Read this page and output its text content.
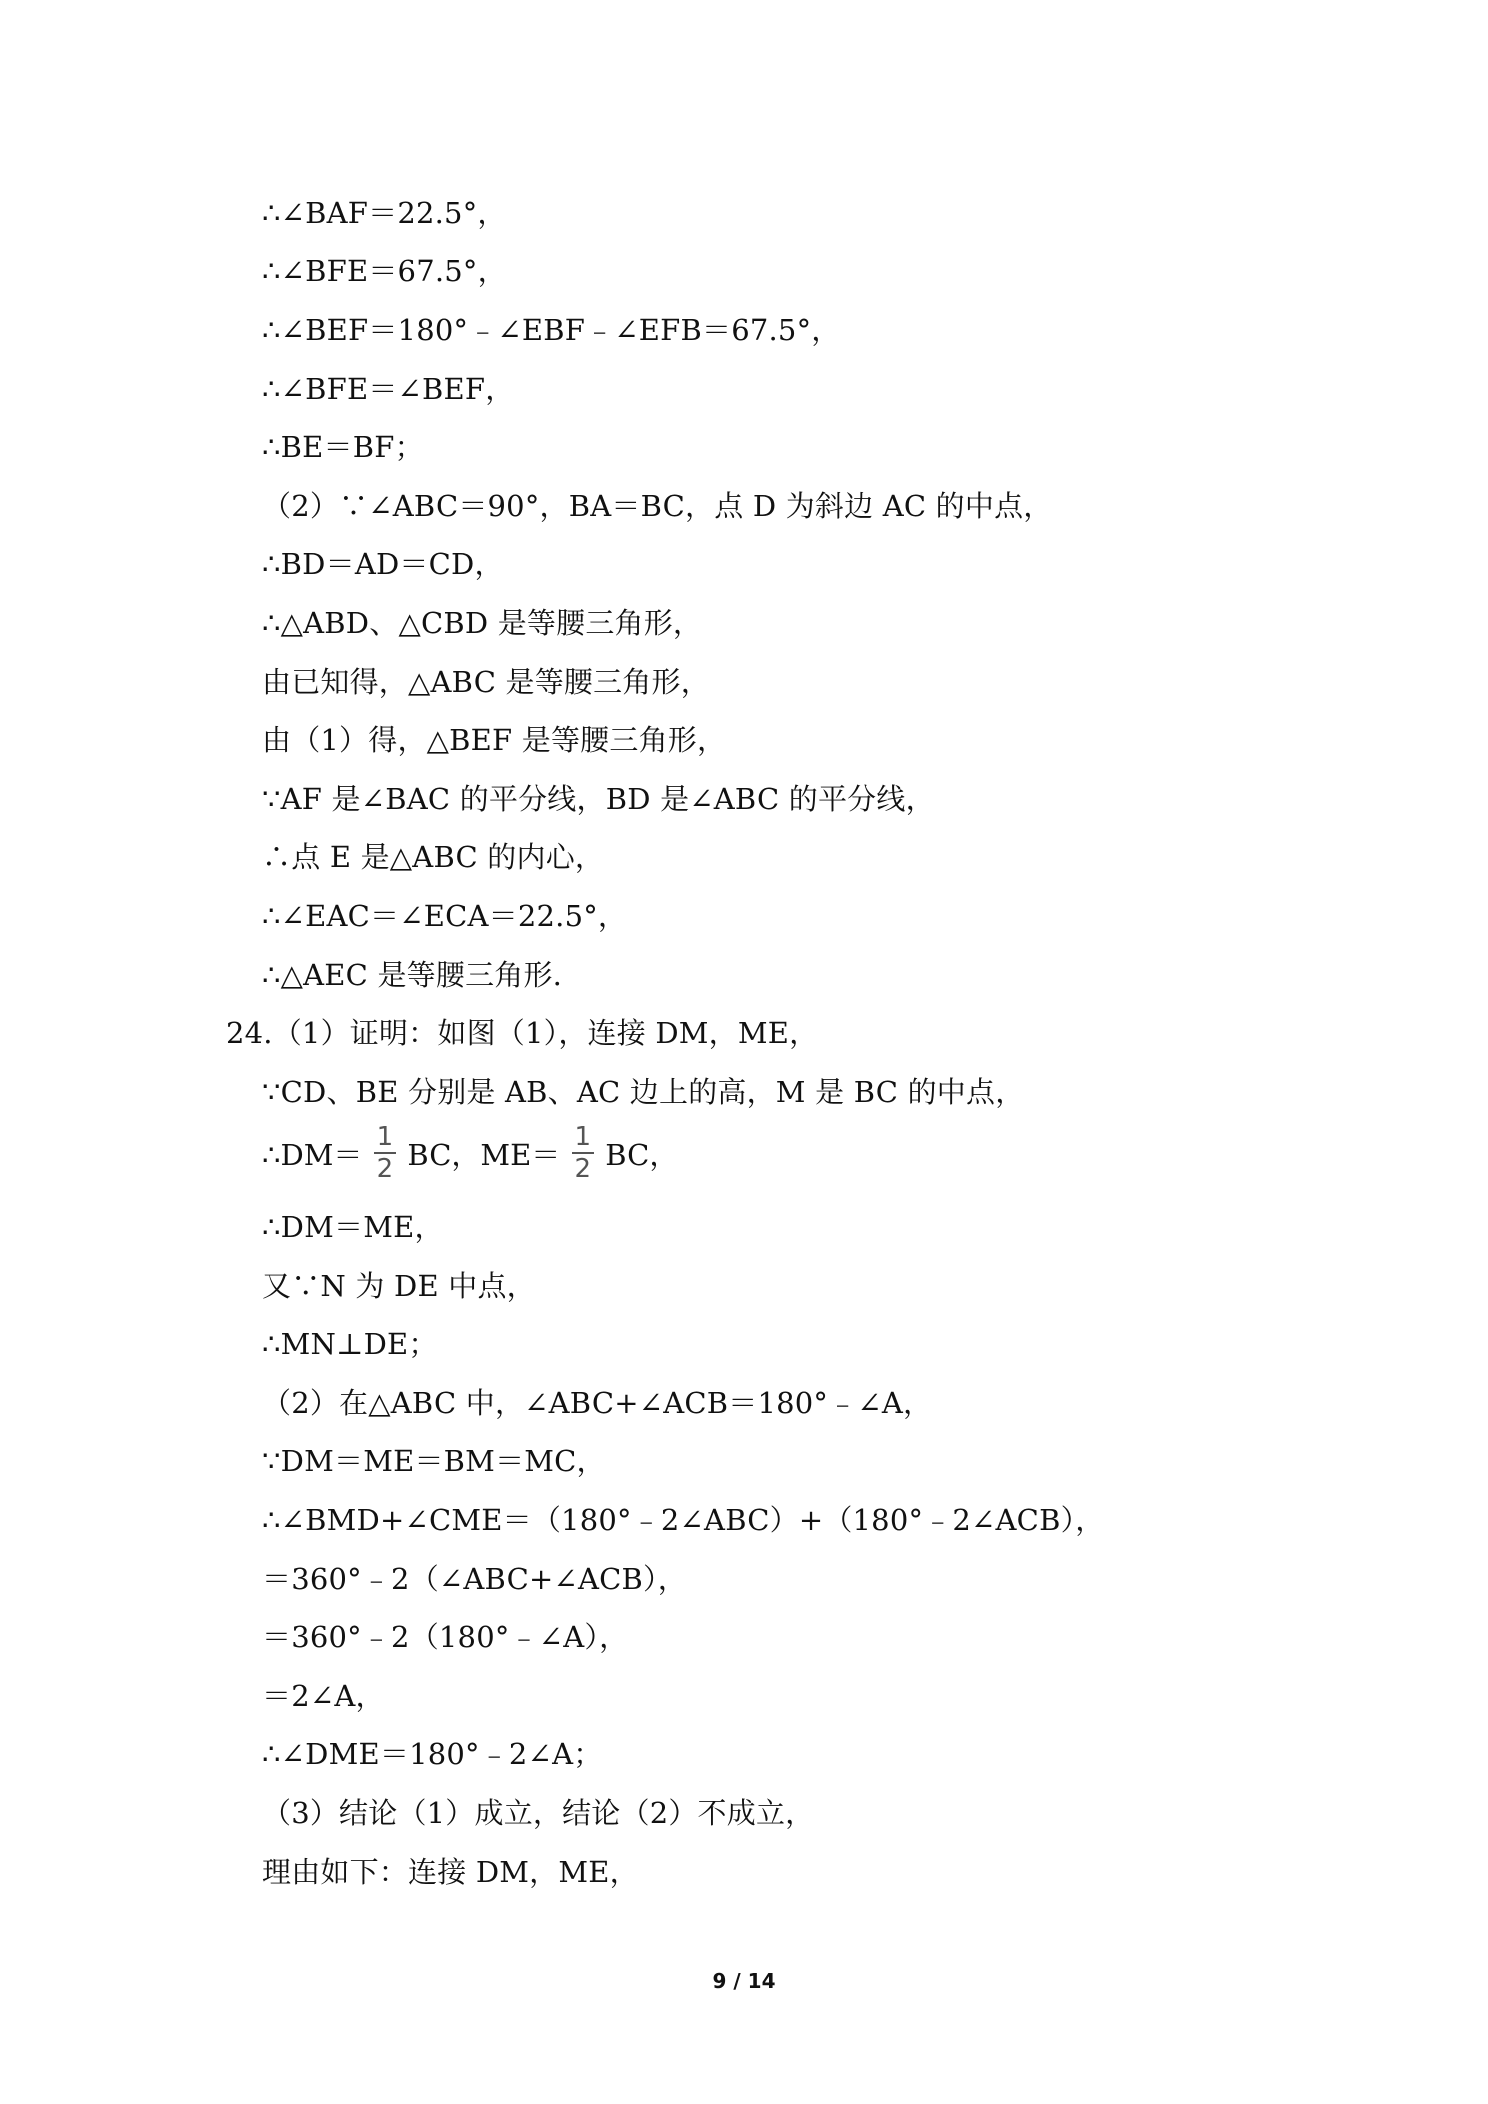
∴∠BAF＝22.5°，
∴∠BFE＝67.5°，
∴∠BEF＝180°﹣∠EBF﹣∠EFB＝67.5°，
∴∠BFE＝∠BEF，
∴BE＝BF；
（2）∵∠ABC＝90°，BA＝BC，点 D 为斜边 AC 的中点，
∴BD＝AD＝CD，
∴△ABD、△CBD 是等腰三角形，
由已知得，△ABC 是等腰三角形，
由（1）得，△BEF 是等腰三角形，
∵AF 是∠BAC 的平分线，BD 是∠ABC 的平分线，
∴点 E 是△ABC 的内心，
∴∠EAC＝∠ECA＝22.5°，
∴△AEC 是等腰三角形.
24.（1）证明：如图（1），连接 DM，ME，
∵CD、BE 分别是 AB、AC 边上的高，M 是 BC 的中点，
∴DM＝ $\frac{1}{2}$ BC，$ME= \frac{1}{2}$ BC，
∴DM＝ME，
又∵N 为 DE 中点，
∴MN⊥DE；
（2）在△ABC 中，∠ABC+∠ACB＝180°﹣∠A，
∵DM＝ME＝BM＝MC，
∴∠BMD+∠CME＝（180°﹣2∠ABC）+（180°﹣2∠ACB），
＝360°﹣2（∠ABC+∠ACB），
＝360°﹣2（180°﹣∠A），
＝2∠A，
∴∠DME＝180°﹣2∠A；
（3）结论（1）成立，结论（2）不成立，
理由如下：连接 DM，ME，
9 / 14
